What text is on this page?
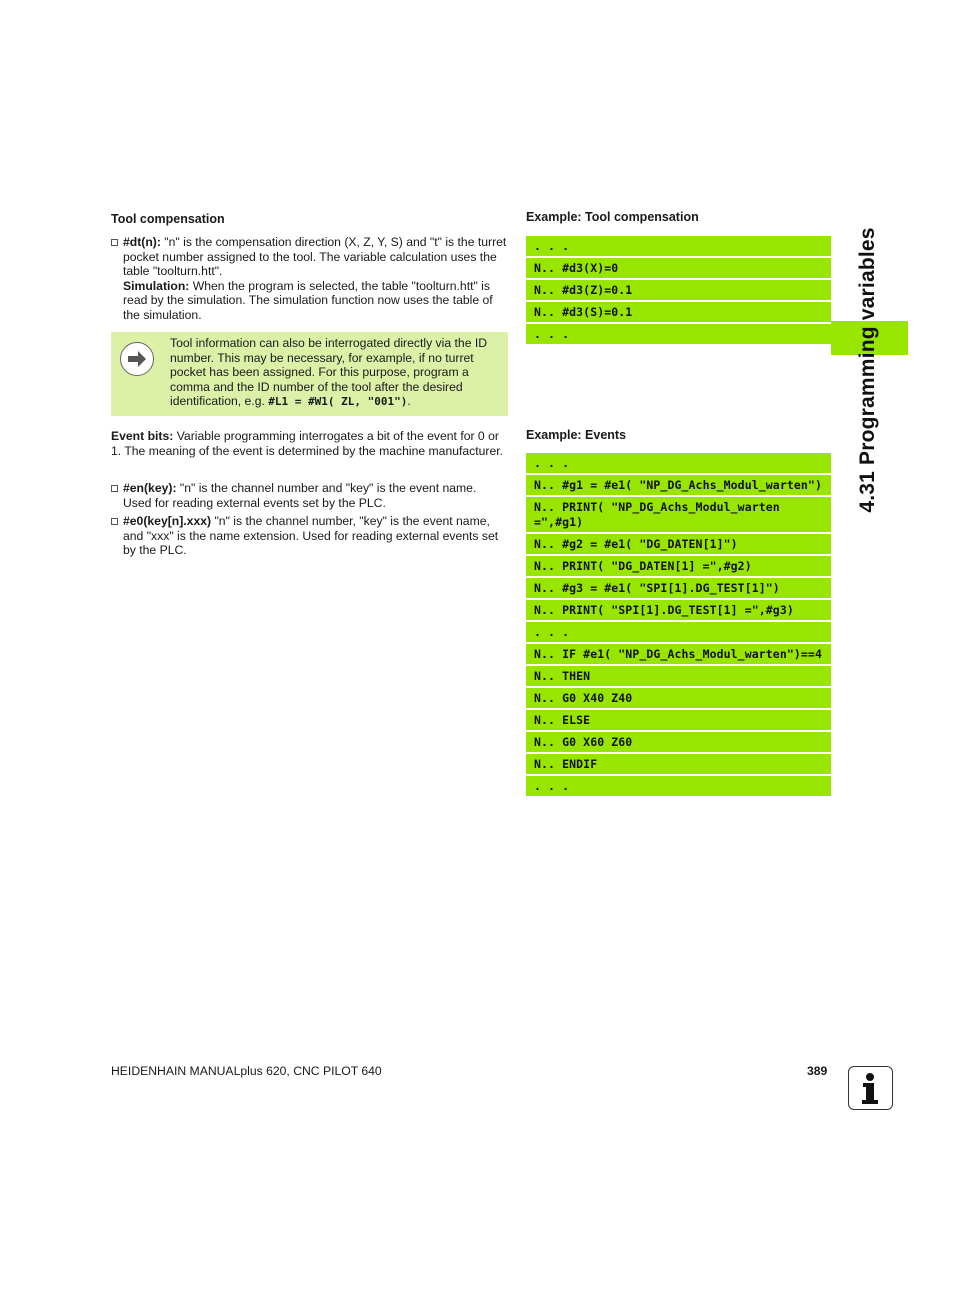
Tool compensation
#dt(n): "n" is the compensation direction (X, Z, Y, S) and "t" is the turret pocket number assigned to the tool. The variable calculation uses the table "toolturn.htt".
Simulation: When the program is selected, the table "toolturn.htt" is read by the simulation. The simulation function now uses the table of the simulation.
Tool information can also be interrogated directly via the ID number. This may be necessary, for example, if no turret pocket has been assigned. For this purpose, program a comma and the ID number of the tool after the desired identification, e.g. #L1 = #W1( ZL, "001").
Event bits: Variable programming interrogates a bit of the event for 0 or 1. The meaning of the event is determined by the machine manufacturer.
#en(key): "n" is the channel number and "key" is the event name. Used for reading external events set by the PLC.
#e0(key[n].xxx) "n" is the channel number, "key" is the event name, and "xxx" is the name extension. Used for reading external events set by the PLC.
Example: Tool compensation
. . .
N.. #d3(X)=0
N.. #d3(Z)=0.1
N.. #d3(S)=0.1
. . .
Example: Events
. . .
N.. #g1 = #e1( "NP_DG_Achs_Modul_warten")
N.. PRINT( "NP_DG_Achs_Modul_warten =",#g1)
N.. #g2 = #e1( "DG_DATEN[1]")
N.. PRINT( "DG_DATEN[1] =",#g2)
N.. #g3 = #e1( "SPI[1].DG_TEST[1]")
N.. PRINT( "SPI[1].DG_TEST[1] =",#g3)
. . .
N.. IF #e1( "NP_DG_Achs_Modul_warten")==4
N.. THEN
N.. G0 X40 Z40
N.. ELSE
N.. G0 X60 Z60
N.. ENDIF
. . .
4.31 Programming variables
HEIDENHAIN MANUALplus 620, CNC PILOT 640	389
